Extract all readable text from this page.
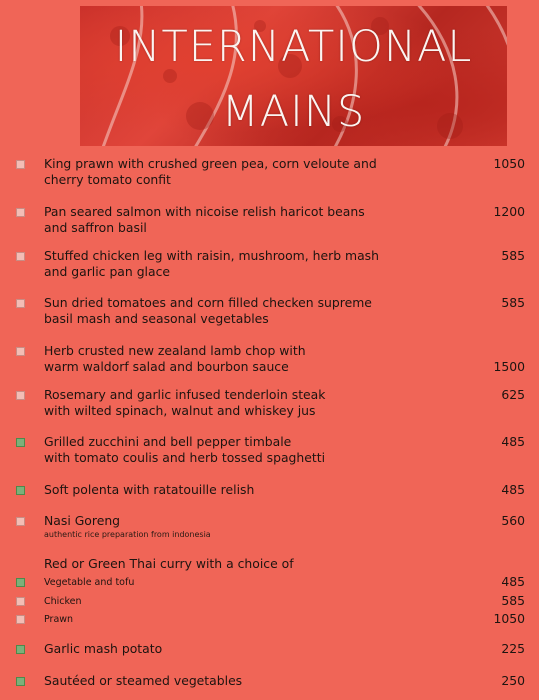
INTERNATIONAL
MAINS
King prawn with crushed green pea, corn veloute and
cherry tomato confit
1050
Pan seared salmon with nicoise relish haricot beans
and saffron basil
1200
Stuffed chicken leg with raisin, mushroom, herb mash
and garlic pan glace
585
Sun dried tomatoes and corn filled checken supreme
basil mash and seasonal vegetables
585
Herb crusted new zealand lamb chop with
warm waldorf salad and bourbon sauce	1500
Rosemary and garlic infused tenderloin steak
with wilted spinach, walnut and whiskey jus
625
Grilled zucchini and bell pepper timbale
with tomato coulis and herb tossed spaghetti
485
Soft polenta with ratatouille relish	485
Nasi Goreng
authentic rice preparation from indonesia
560
Red or Green Thai curry with a choice of
Vegetable and tofu	485
Chicken	585
Prawn	1050
Garlic mash potato	225
Sautéed or steamed vegetables	250
